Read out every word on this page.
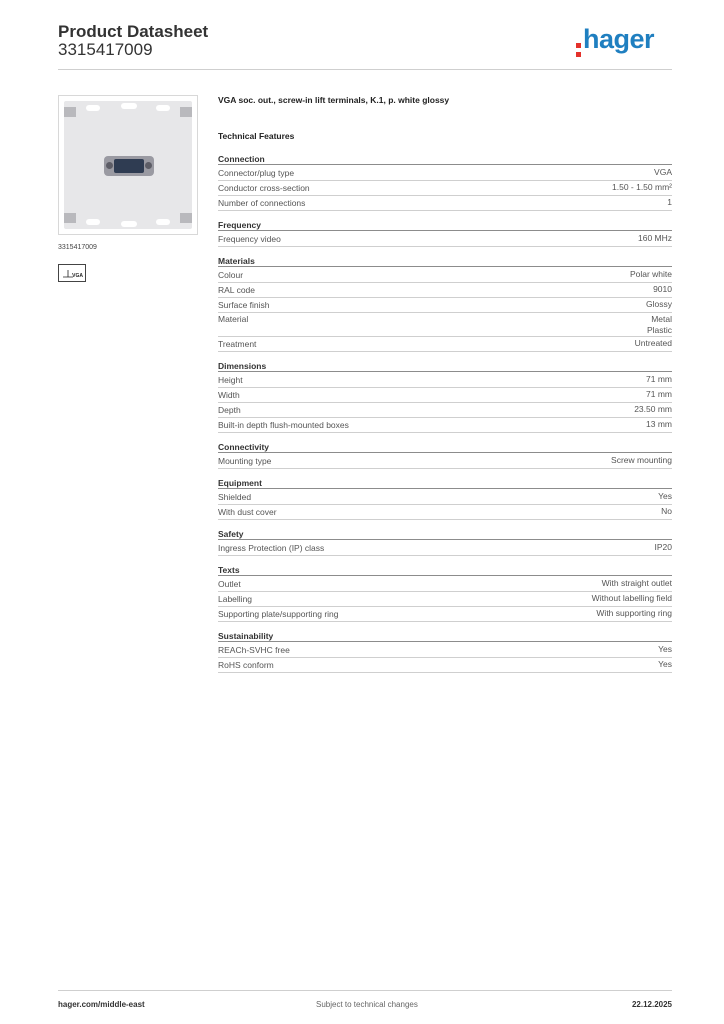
Product Datasheet
3315417009	hager
3315417009
VGA
VGA soc. out., screw-in lift terminals, K.1, p. white glossy
Technical Features
Connection
Connector/plug type	VGA
Conductor cross-section	1.50 - 1.50 mm²
Number of connections	1
Frequency
Frequency video	160 MHz
Materials
Colour	Polar white
RAL code	9010
Surface finish	Glossy
Material	Metal
Plastic
Treatment	Untreated
Dimensions
Height	71 mm
Width	71 mm
Depth	23.50 mm
Built-in depth flush-mounted boxes	13 mm
Connectivity
Mounting type	Screw mounting
Equipment
Shielded	Yes
With dust cover	No
Safety
Ingress Protection (IP) class	IP20
Texts
Outlet	With straight outlet
Labelling	Without labelling field
Supporting plate/supporting ring	With supporting ring
Sustainability
REACh-SVHC free	Yes
RoHS conform	Yes
hager.com/middle-east	Subject to technical changes	22.12.2025
